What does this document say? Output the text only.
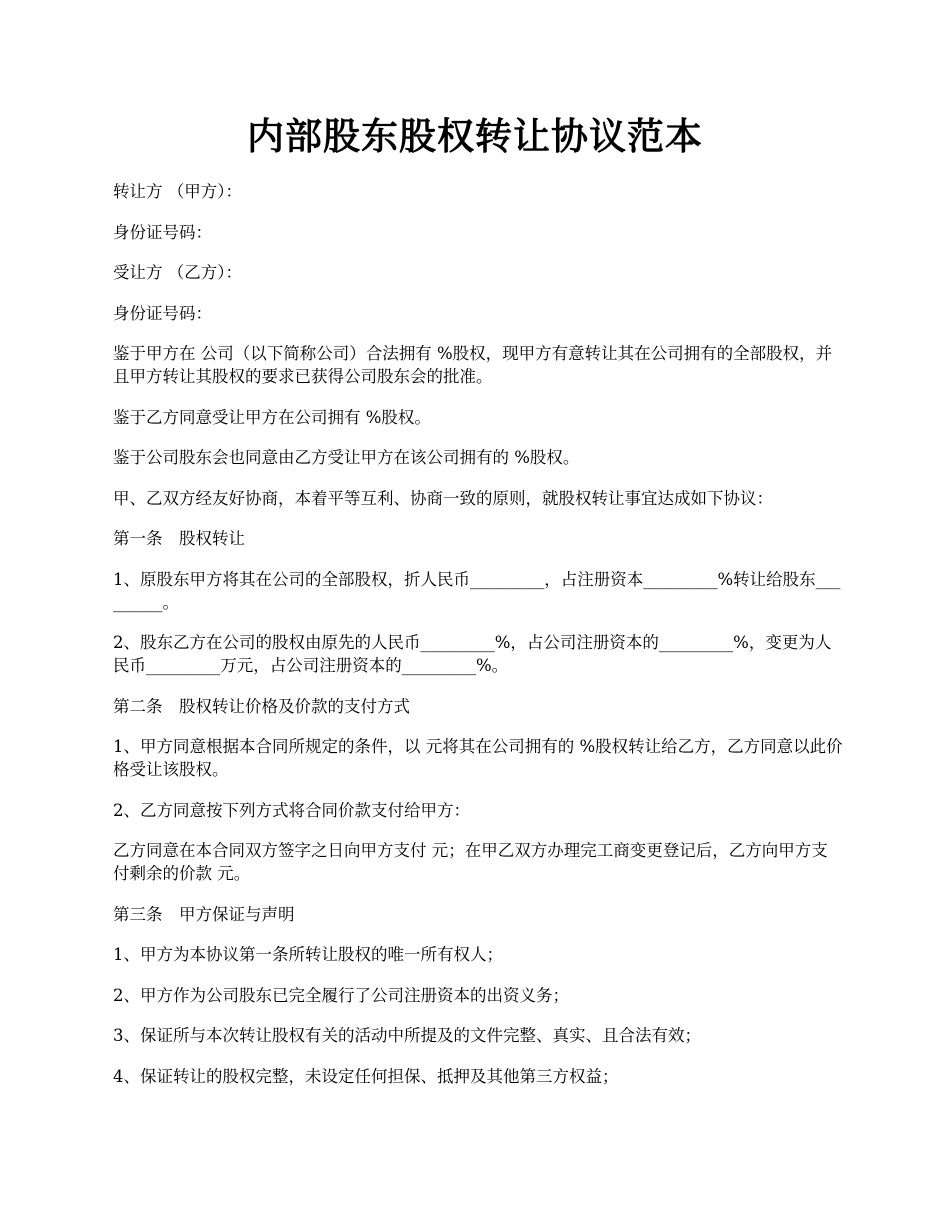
内部股东股权转让协议范本

转让方 （甲方）：

身份证号码：

受让方 （乙方）：

身份证号码：

鉴于甲方在 公司（以下简称公司）合法拥有 %股权，现甲方有意转让其在公司拥有的全部股权，并且甲方转让其股权的要求已获得公司股东会的批准。

鉴于乙方同意受让甲方在公司拥有 %股权。

鉴于公司股东会也同意由乙方受让甲方在该公司拥有的 %股权。

甲、乙双方经友好协商，本着平等互利、协商一致的原则，就股权转让事宜达成如下协议：

第一条　股权转让

1、原股东甲方将其在公司的全部股权，折人民币_________，占注册资本_________%转让给股东_________。

2、股东乙方在公司的股权由原先的人民币_________%，占公司注册资本的_________%，变更为人民币_________万元，占公司注册资本的_________%。

第二条　股权转让价格及价款的支付方式

1、甲方同意根据本合同所规定的条件，以 元将其在公司拥有的 %股权转让给乙方，乙方同意以此价格受让该股权。

2、乙方同意按下列方式将合同价款支付给甲方：

乙方同意在本合同双方签字之日向甲方支付 元；在甲乙双方办理完工商变更登记后，乙方向甲方支付剩余的价款 元。

第三条　甲方保证与声明

1、甲方为本协议第一条所转让股权的唯一所有权人；

2、甲方作为公司股东已完全履行了公司注册资本的出资义务；

3、保证所与本次转让股权有关的活动中所提及的文件完整、真实、且合法有效；

4、保证转让的股权完整，未设定任何担保、抵押及其他第三方权益；
